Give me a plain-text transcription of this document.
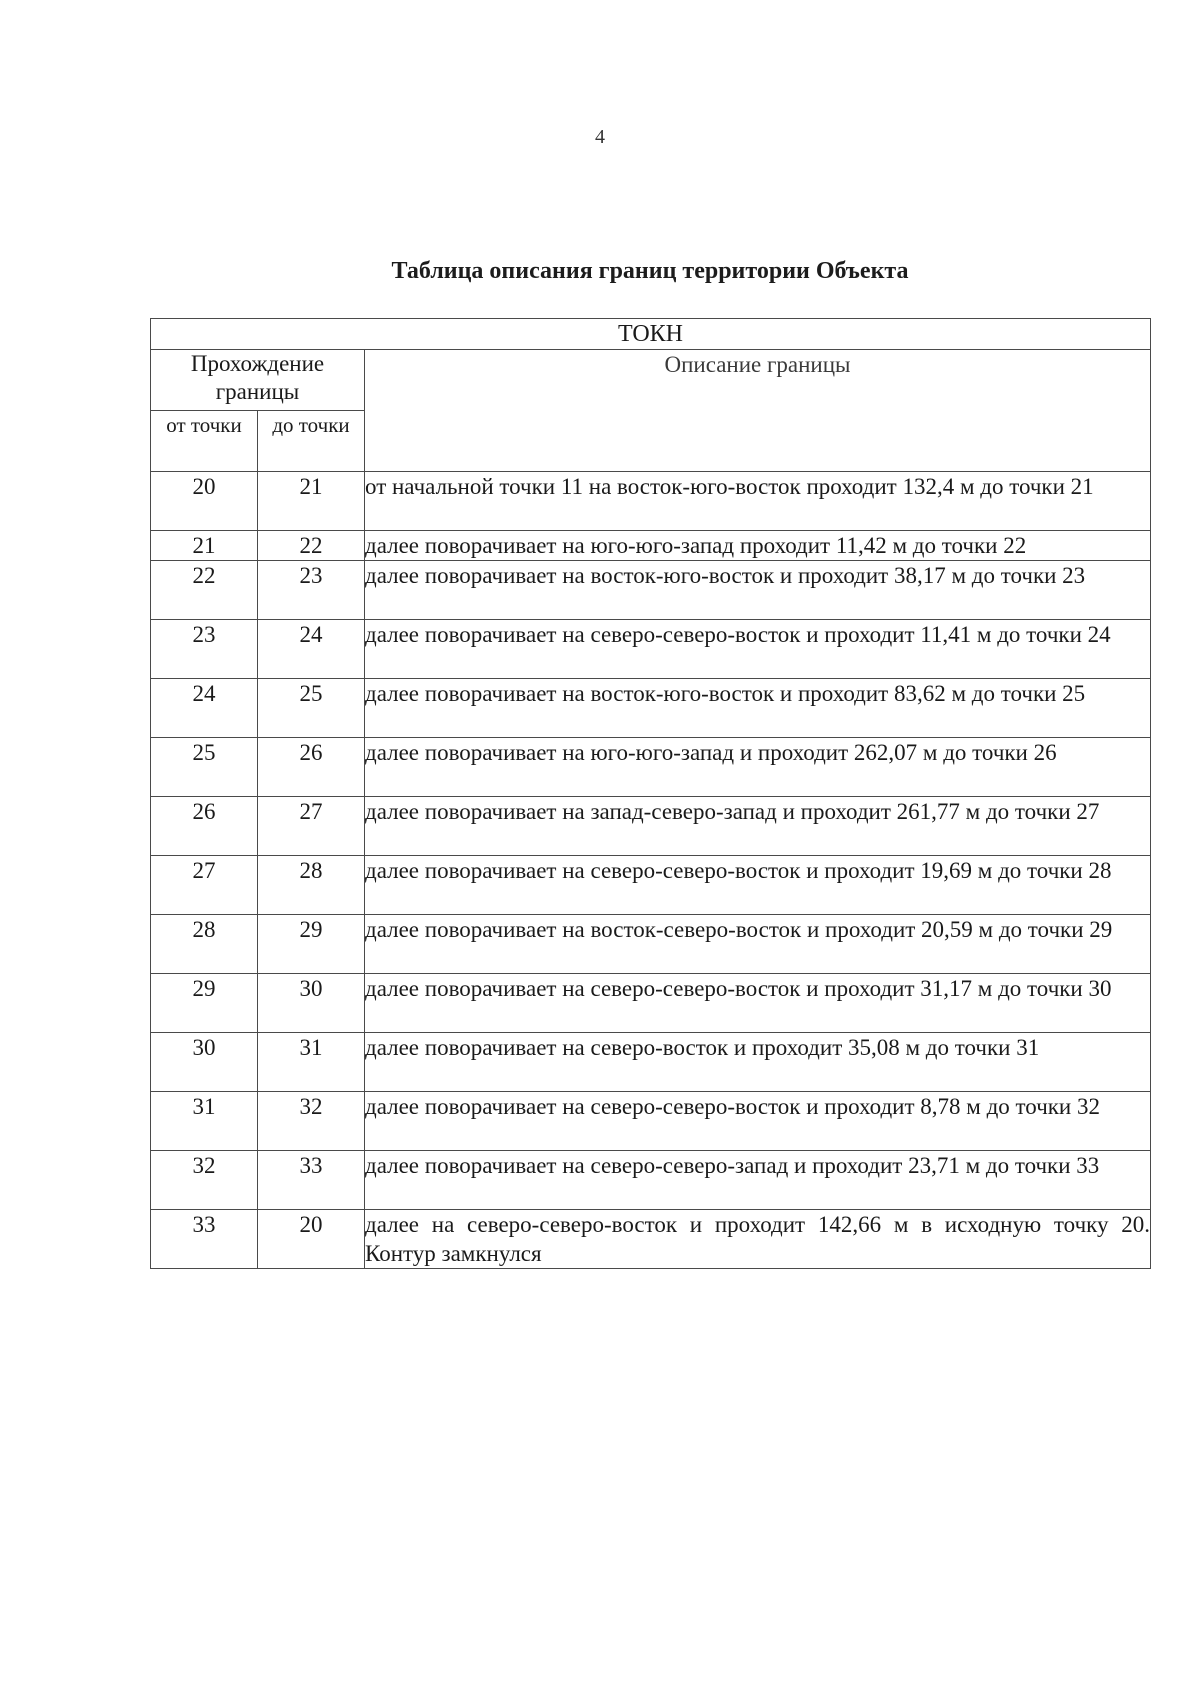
4
Таблица описания границ территории Объекта
ТОКН		
Прохождение границы		Описание границы
от точки	до точки	
20	21	от начальной точки 11 на восток-юго-восток проходит 132,4 м до точки 21
21	22	далее поворачивает на юго-юго-запад проходит 11,42 м до точки 22
22	23	далее поворачивает на восток-юго-восток и проходит 38,17 м до точки 23
23	24	далее поворачивает на северо-северо-восток и проходит 11,41 м до точки 24
24	25	далее поворачивает на восток-юго-восток и проходит 83,62 м до точки 25
25	26	далее поворачивает на юго-юго-запад и проходит 262,07 м до точки 26
26	27	далее поворачивает на запад-северо-запад и проходит 261,77 м до точки 27
27	28	далее поворачивает на северо-северо-восток и проходит 19,69 м до точки 28
28	29	далее поворачивает на восток-северо-восток и проходит 20,59 м до точки 29
29	30	далее поворачивает на северо-северо-восток и проходит 31,17 м до точки 30
30	31	далее поворачивает на северо-восток и проходит 35,08 м до точки 31
31	32	далее поворачивает на северо-северо-восток и проходит 8,78 м до точки 32
32	33	далее поворачивает на северо-северо-запад и проходит 23,71 м до точки 33
33	20	далее на северо-северо-восток и проходит 142,66 м в исходную точку 20. Контур замкнулся
